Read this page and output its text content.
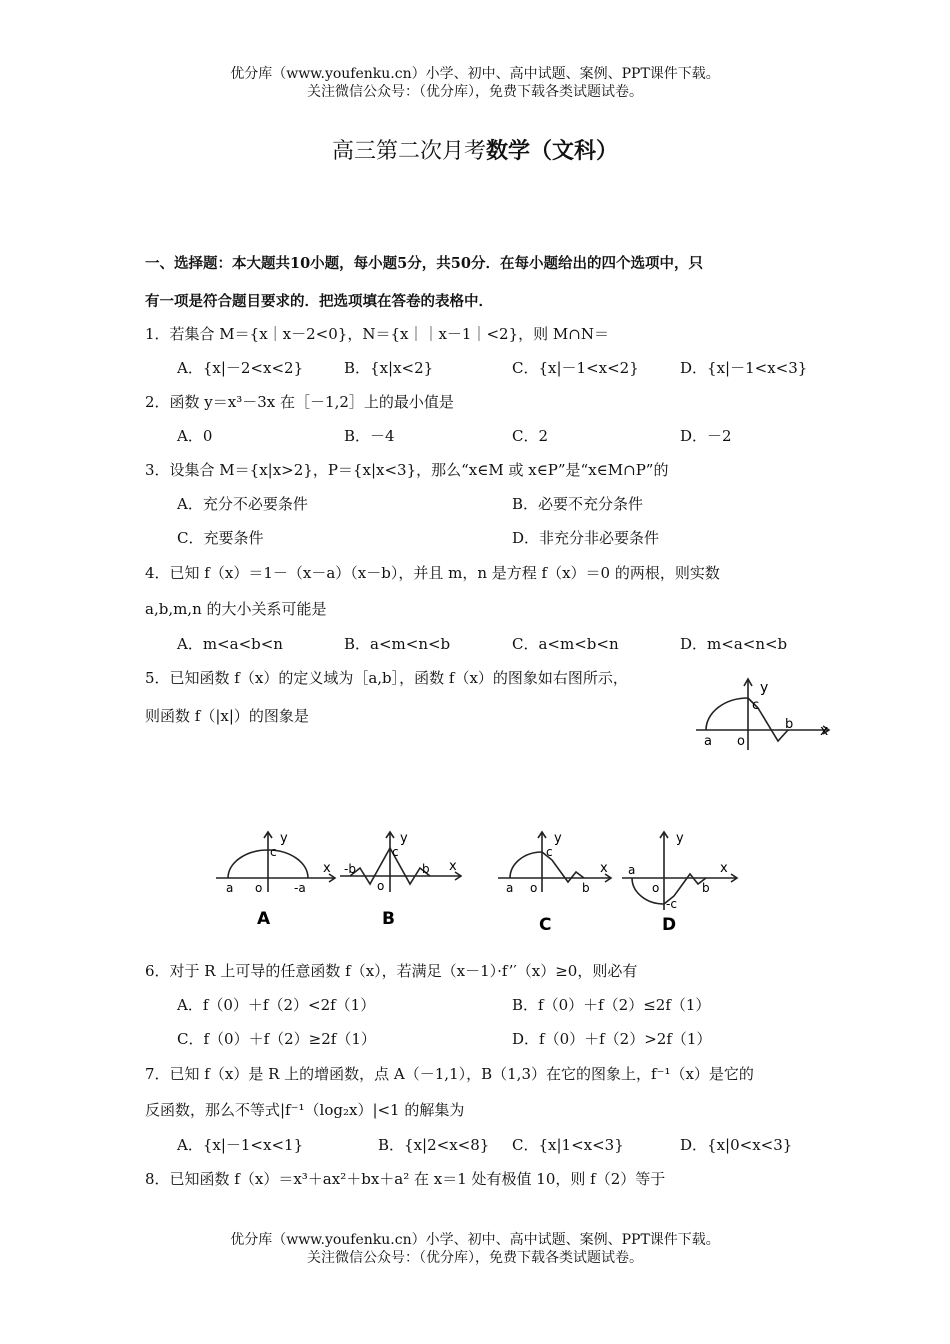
优分库（www.youfenku.cn）小学、初中、高中试题、案例、PPT课件下载。
关注微信公众号：（优分库），免费下载各类试题试卷。
高三第二次月考数学（文科）
一、选择题：本大题共10小题，每小题5分，共50分．在每小题给出的四个选项中，只
有一项是符合题目要求的．把选项填在答卷的表格中．
1．若集合 M＝{x｜x－2<0}，N＝{x｜｜x－1｜<2}，则 M∩N＝
A．{x|－2<x<2}	B．{x|x<2}	C．{x|－1<x<2}	D．{x|－1<x<3}
2．函数 y＝x³－3x 在［－1,2］上的最小值是
A．0	B．－4	C．2	D．－2
3．设集合 M＝{x|x>2}，P＝{x|x<3}，那么“x∈M 或 x∈P”是“x∈M∩P”的
A．充分不必要条件	B．必要不充分条件
C．充要条件	D．非充分非必要条件
4．已知 f（x）＝1－（x－a）（x－b），并且 m，n 是方程 f（x）＝0 的两根，则实数
a,b,m,n 的大小关系可能是
A．m<a<b<n	B．a<m<n<b	C．a<m<b<n	D．m<a<n<b
5．已知函数 f（x）的定义域为［a,b］，函数 f（x）的图象如右图所示，
则函数 f（|x|）的图象是
y
c
b x
a o
y
c
x
a o	-a
A
y
c
x
-b	b
o
B
y
c
x
a o	b
C
y
x
a
o	b
-c
D
6．对于 R 上可导的任意函数 f（x），若满足（x－1）·f’′（x）≥0，则必有
A．f（0）＋f（2）<2f（1）	B．f（0）＋f（2）≤2f（1）
C．f（0）＋f（2）≥2f（1）	D．f（0）＋f（2）>2f（1）
7．已知 f（x）是 R 上的增函数，点 A（－1,1），B（1,3）在它的图象上，f⁻¹（x）是它的
反函数，那么不等式|f⁻¹（log₂x）|<1 的解集为
A．{x|－1<x<1}	B．{x|2<x<8} C．{x|1<x<3}	D．{x|0<x<3}
8．已知函数 f（x）＝x³＋ax²＋bx＋a² 在 x＝1 处有极值 10，则 f（2）等于
优分库（www.youfenku.cn）小学、初中、高中试题、案例、PPT课件下载。
关注微信公众号：（优分库），免费下载各类试题试卷。
